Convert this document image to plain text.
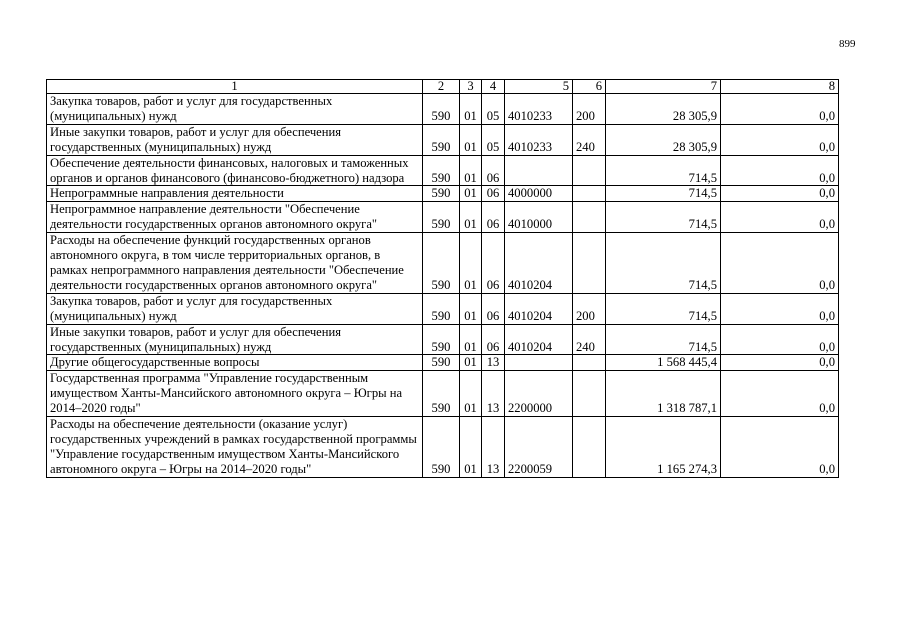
899
1	2	3	4	5	6	7	8
Закупка товаров, работ и услуг для государственных (муниципальных) нужд	590	01	05	4010233	200	28 305,9	0,0
Иные закупки товаров, работ и услуг для обеспечения государственных (муниципальных) нужд	590	01	05	4010233	240	28 305,9	0,0
Обеспечение деятельности финансовых, налоговых и таможенных органов и органов финансового (финансово-бюджетного) надзора	590	01	06			714,5	0,0
Непрограммные направления деятельности	590	01	06	4000000		714,5	0,0
Непрограммное направление деятельности "Обеспечение деятельности государственных органов автономного округа"	590	01	06	4010000		714,5	0,0
Расходы на обеспечение функций государственных органов автономного округа, в том числе территориальных органов, в рамках непрограммного направления деятельности "Обеспечение деятельности государственных органов автономного округа"	590	01	06	4010204		714,5	0,0
Закупка товаров, работ и услуг для государственных (муниципальных) нужд	590	01	06	4010204	200	714,5	0,0
Иные закупки товаров, работ и услуг для обеспечения государственных (муниципальных) нужд	590	01	06	4010204	240	714,5	0,0
Другие общегосударственные вопросы	590	01	13			1 568 445,4	0,0
Государственная программа "Управление государственным имуществом Ханты-Мансийского автономного округа – Югры на 2014–2020 годы"	590	01	13	2200000		1 318 787,1	0,0
Расходы на обеспечение деятельности (оказание услуг) государственных учреждений в рамках государственной программы "Управление государственным имуществом Ханты-Мансийского автономного округа – Югры на 2014–2020 годы"	590	01	13	2200059		1 165 274,3	0,0
